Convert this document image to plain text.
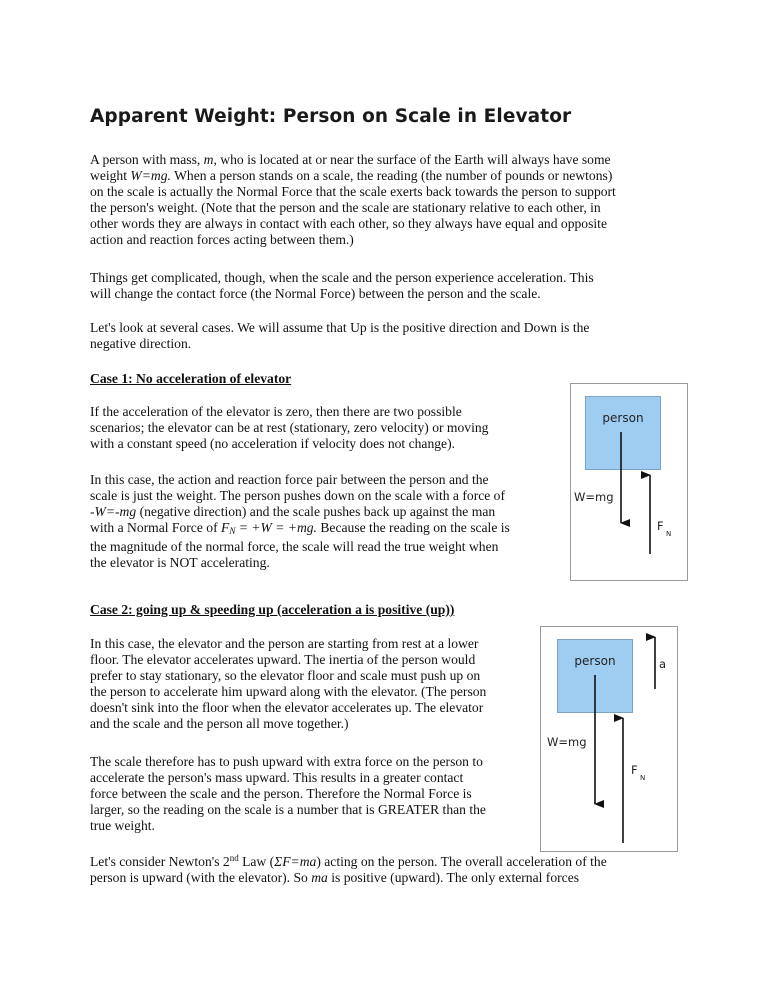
Apparent Weight: Person on Scale in Elevator
A person with mass, m, who is located at or near the surface of the Earth will always have some
weight W=mg. When a person stands on a scale, the reading (the number of pounds or newtons)
on the scale is actually the Normal Force that the scale exerts back towards the person to support
the person's weight. (Note that the person and the scale are stationary relative to each other, in
other words they are always in contact with each other, so they always have equal and opposite
action and reaction forces acting between them.)
Things get complicated, though, when the scale and the person experience acceleration. This
will change the contact force (the Normal Force) between the person and the scale.
Let's look at several cases. We will assume that Up is the positive direction and Down is the
negative direction.
Case 1: No acceleration of elevator
If the acceleration of the elevator is zero, then there are two possible
scenarios; the elevator can be at rest (stationary, zero velocity) or moving
with a constant speed (no acceleration if velocity does not change).
In this case, the action and reaction force pair between the person and the
scale is just the weight. The person pushes down on the scale with a force of
-W=-mg (negative direction) and the scale pushes back up against the man
with a Normal Force of $F_N = +W = +mg$. Because the reading on the scale is
the magnitude of the normal force, the scale will read the true weight when
the elevator is NOT accelerating.
person
W=mg
F
N
Case 2: going up & speeding up (acceleration a is positive (up))
In this case, the elevator and the person are starting from rest at a lower
floor. The elevator accelerates upward. The inertia of the person would
prefer to stay stationary, so the elevator floor and scale must push up on
the person to accelerate him upward along with the elevator. (The person
doesn't sink into the floor when the elevator accelerates up. The elevator
and the scale and the person all move together.)
The scale therefore has to push upward with extra force on the person to
accelerate the person's mass upward. This results in a greater contact
force between the scale and the person. Therefore the Normal Force is
larger, so the reading on the scale is a number that is GREATER than the
true weight.
person	a
W=mg
F
N
Let's consider Newton's 2nd Law (ΣF=ma) acting on the person. The overall acceleration of the
person is upward (with the elevator). So ma is positive (upward). The only external forces
